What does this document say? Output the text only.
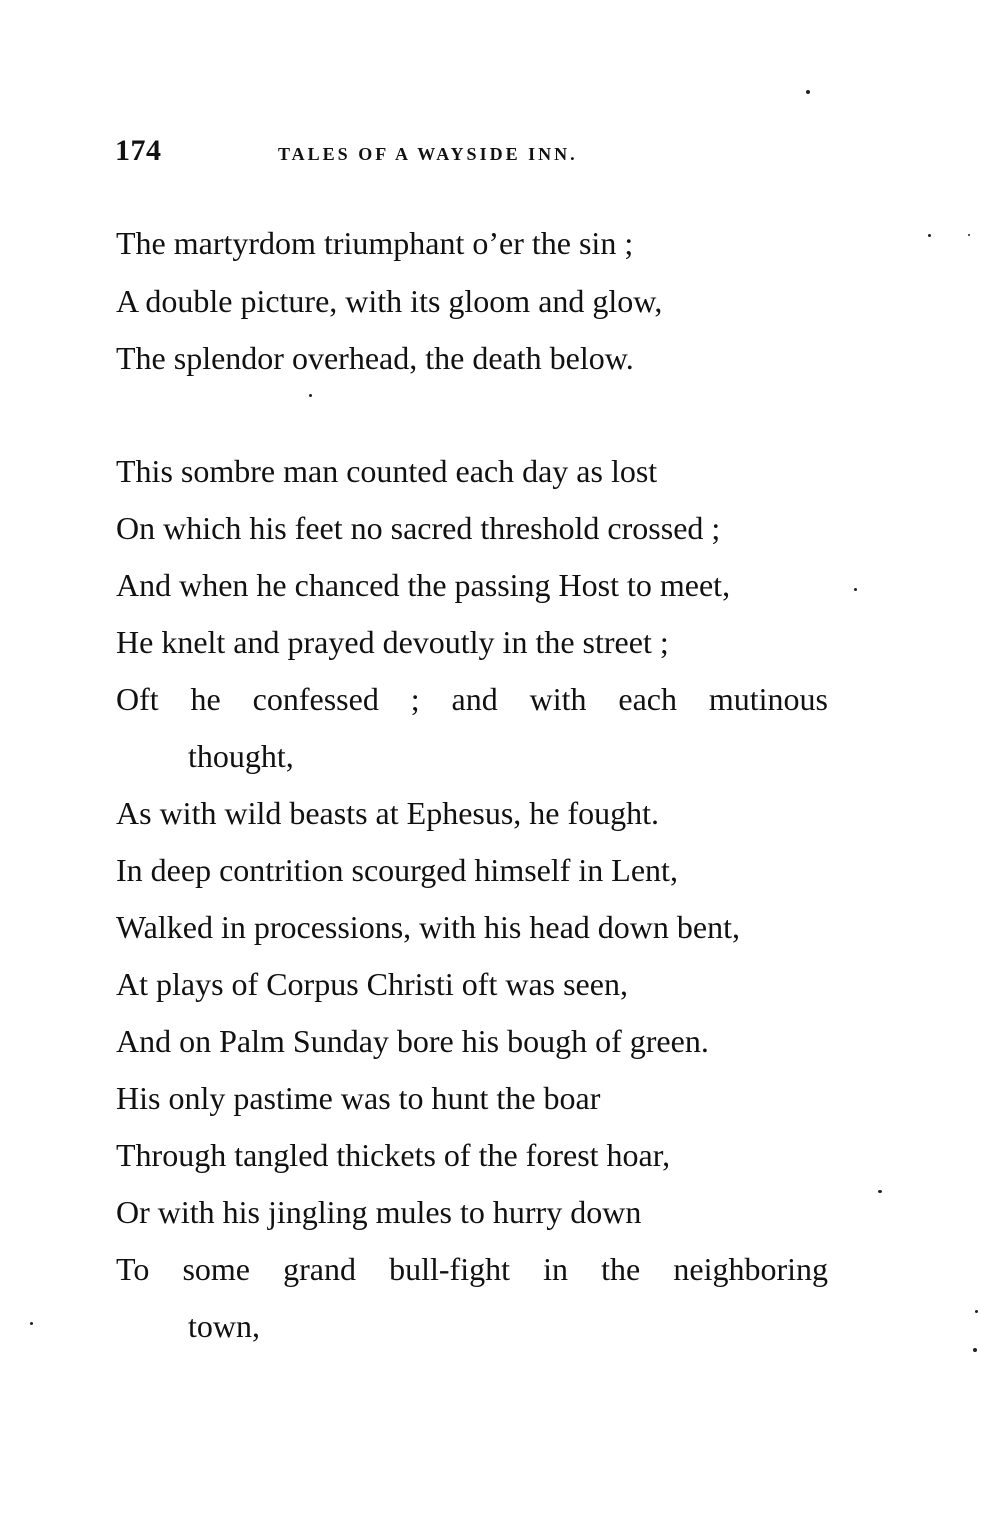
174	TALES OF A WAYSIDE INN.
The martyrdom triumphant o’er the sin ;
A double picture, with its gloom and glow,
The splendor overhead, the death below.
This sombre man counted each day as lost
On which his feet no sacred threshold crossed ;
And when he chanced the passing Host to meet,
He knelt and prayed devoutly in the street ;
Oft he confessed ; and with each mutinous
thought,
As with wild beasts at Ephesus, he fought.
In deep contrition scourged himself in Lent,
Walked in processions, with his head down bent,
At plays of Corpus Christi oft was seen,
And on Palm Sunday bore his bough of green.
His only pastime was to hunt the boar
Through tangled thickets of the forest hoar,
Or with his jingling mules to hurry down
To some grand bull-fight in the neighboring
town,
